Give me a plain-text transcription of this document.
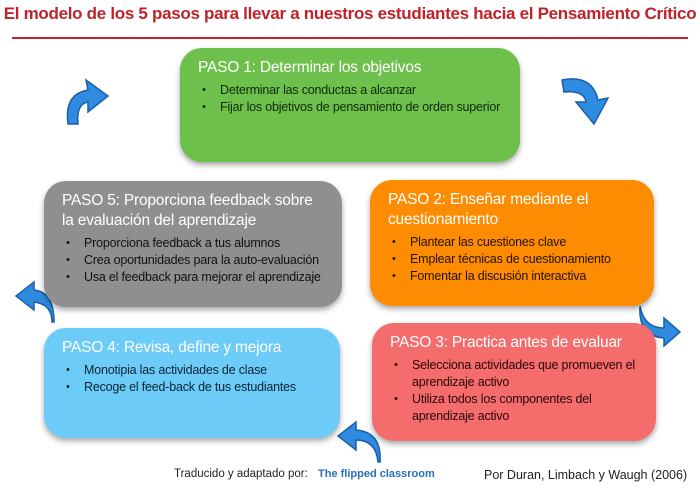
El modelo de los 5 pasos para llevar a nuestros estudiantes hacia el Pensamiento Crítico
PASO 1: Determinar los objetivos
• Determinar las conductas a alcanzar
• Fijar los objetivos de pensamiento de orden superior
PASO 5: Proporciona feedback sobre la evaluación del aprendizaje
• Proporciona feedback a tus alumnos
• Crea oportunidades para la auto-evaluación
• Usa el feedback para mejorar el aprendizaje
PASO 2: Enseñar mediante el cuestionamiento
• Plantear las cuestiones clave
• Emplear técnicas de cuestionamiento
• Fomentar la discusión interactiva
PASO 4: Revisa, define y mejora
• Monotipia las actividades de clase
• Recoge el feed-back de tus estudiantes
PASO 3: Practica antes de evaluar
• Selecciona actividades que promueven el aprendizaje activo
• Utiliza todos los componentes del aprendizaje activo
Traducido y adaptado por: The flipped classroom	Por Duran, Limbach y Waugh (2006)
